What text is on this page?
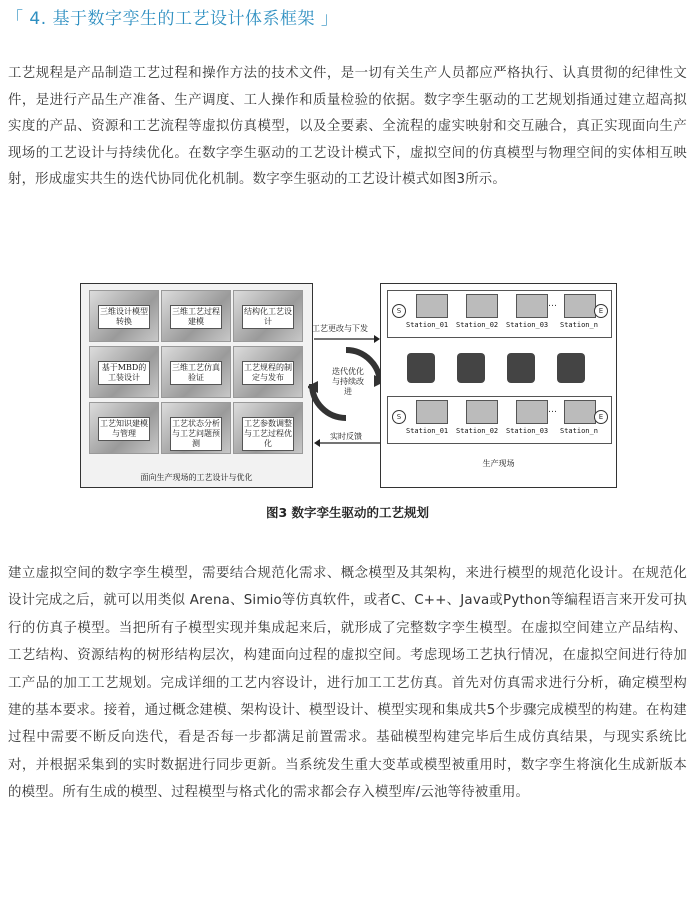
「 4. 基于数字孪生的工艺设计体系框架 」

工艺规程是产品制造工艺过程和操作方法的技术文件，是一切有关生产人员都应严格执行、认真贯彻的纪律性文件，是进行产品生产准备、生产调度、工人操作和质量检验的依据。数字孪生驱动的工艺规划指通过建立超高拟实度的产品、资源和工艺流程等虚拟仿真模型，以及全要素、全流程的虚实映射和交互融合，真正实现面向生产现场的工艺设计与持续优化。在数字孪生驱动的工艺设计模式下，虚拟空间的仿真模型与物理空间的实体相互映射，形成虚实共生的迭代协同优化机制。数字孪生驱动的工艺设计模式如图3所示。

三维设计模型转换
三维工艺过程建模
结构化工艺设计
基于MBD的工装设计
三维工艺仿真验证
工艺规程的制定与发布
工艺知识建模与管理
工艺状态分析与工艺问题预测
工艺参数调整与工艺过程优化
面向生产现场的工艺设计与优化
工艺更改与下发
迭代优化与持续改进
实时反馈
S
…
E
Station_01 Station_02 Station_03 Station_n
S
…
E
Station_01 Station_02 Station_03 Station_n
生产现场
图3 数字孪生驱动的工艺规划

建立虚拟空间的数字孪生模型，需要结合规范化需求、概念模型及其架构，来进行模型的规范化设计。在规范化设计完成之后，就可以用类似 Arena、Simio等仿真软件，或者C、C++、Java或Python等编程语言来开发可执行的仿真子模型。当把所有子模型实现并集成起来后，就形成了完整数字孪生模型。在虚拟空间建立产品结构、工艺结构、资源结构的树形结构层次，构建面向过程的虚拟空间。考虑现场工艺执行情况，在虚拟空间进行待加工产品的加工工艺规划。完成详细的工艺内容设计，进行加工工艺仿真。首先对仿真需求进行分析，确定模型构建的基本要求。接着，通过概念建模、架构设计、模型设计、模型实现和集成共5个步骤完成模型的构建。在构建过程中需要不断反向迭代，看是否每一步都满足前置需求。基础模型构建完毕后生成仿真结果，与现实系统比对，并根据采集到的实时数据进行同步更新。当系统发生重大变革或模型被重用时，数字孪生将演化生成新版本的模型。所有生成的模型、过程模型与格式化的需求都会存入模型库/云池等待被重用。
